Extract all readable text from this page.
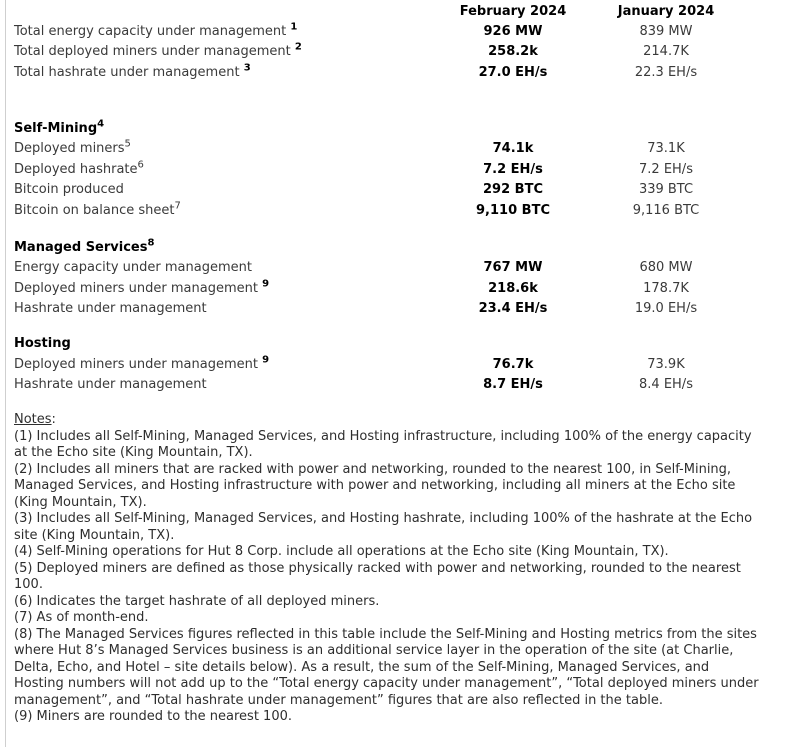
February 2024	January 2024
Total energy capacity under management $^1$	926 MW	839 MW
Total deployed miners under management $^2$	258.2k	214.7K
Total hashrate under management $^3$	27.0 EH/s	22.3 EH/s
Self-Mining$^4$
Deployed miners$^5$	74.1k	73.1K
Deployed hashrate$^6$	7.2 EH/s	7.2 EH/s
Bitcoin produced	292 BTC	339 BTC
Bitcoin on balance sheet$^7$	9,110 BTC	9,116 BTC
Managed Services$^8$
Energy capacity under management	767 MW	680 MW
Deployed miners under management $^9$	218.6k	178.7K
Hashrate under management	23.4 EH/s	19.0 EH/s
Hosting
Deployed miners under management $^9$	76.7k	73.9K
Hashrate under management	8.7 EH/s	8.4 EH/s
Notes:
(1) Includes all Self-Mining, Managed Services, and Hosting infrastructure, including 100% of the energy capacity at the Echo site (King Mountain, TX).
(2) Includes all miners that are racked with power and networking, rounded to the nearest 100, in Self-Mining, Managed Services, and Hosting infrastructure with power and networking, including all miners at the Echo site (King Mountain, TX).
(3) Includes all Self-Mining, Managed Services, and Hosting hashrate, including 100% of the hashrate at the Echo site (King Mountain, TX).
(4) Self-Mining operations for Hut 8 Corp. include all operations at the Echo site (King Mountain, TX).
(5) Deployed miners are defined as those physically racked with power and networking, rounded to the nearest 100.
(6) Indicates the target hashrate of all deployed miners.
(7) As of month-end.
(8) The Managed Services figures reflected in this table include the Self-Mining and Hosting metrics from the sites where Hut 8’s Managed Services business is an additional service layer in the operation of the site (at Charlie, Delta, Echo, and Hotel – site details below). As a result, the sum of the Self-Mining, Managed Services, and Hosting numbers will not add up to the “Total energy capacity under management”, “Total deployed miners under management”, and “Total hashrate under management” figures that are also reflected in the table.
(9) Miners are rounded to the nearest 100.
